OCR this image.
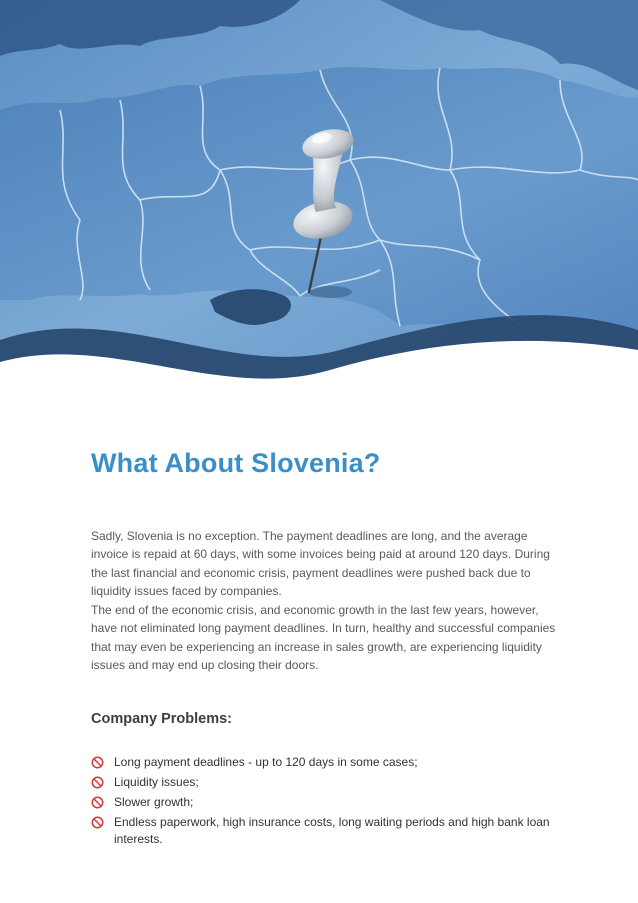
What About Slovenia?

Sadly, Slovenia is no exception. The payment deadlines are long, and the average invoice is repaid at 60 days, with some invoices being paid at around 120 days. During the last financial and economic crisis, payment deadlines were pushed back due to liquidity issues faced by companies.

The end of the economic crisis, and economic growth in the last few years, however, have not eliminated long payment deadlines. In turn, healthy and successful companies that may even be experiencing an increase in sales growth, are experiencing liquidity issues and may end up closing their doors.

Company Problems:
Long payment deadlines - up to 120 days in some cases;
Liquidity issues;
Slower growth;
Endless paperwork, high insurance costs, long waiting periods and high bank loan interests.
